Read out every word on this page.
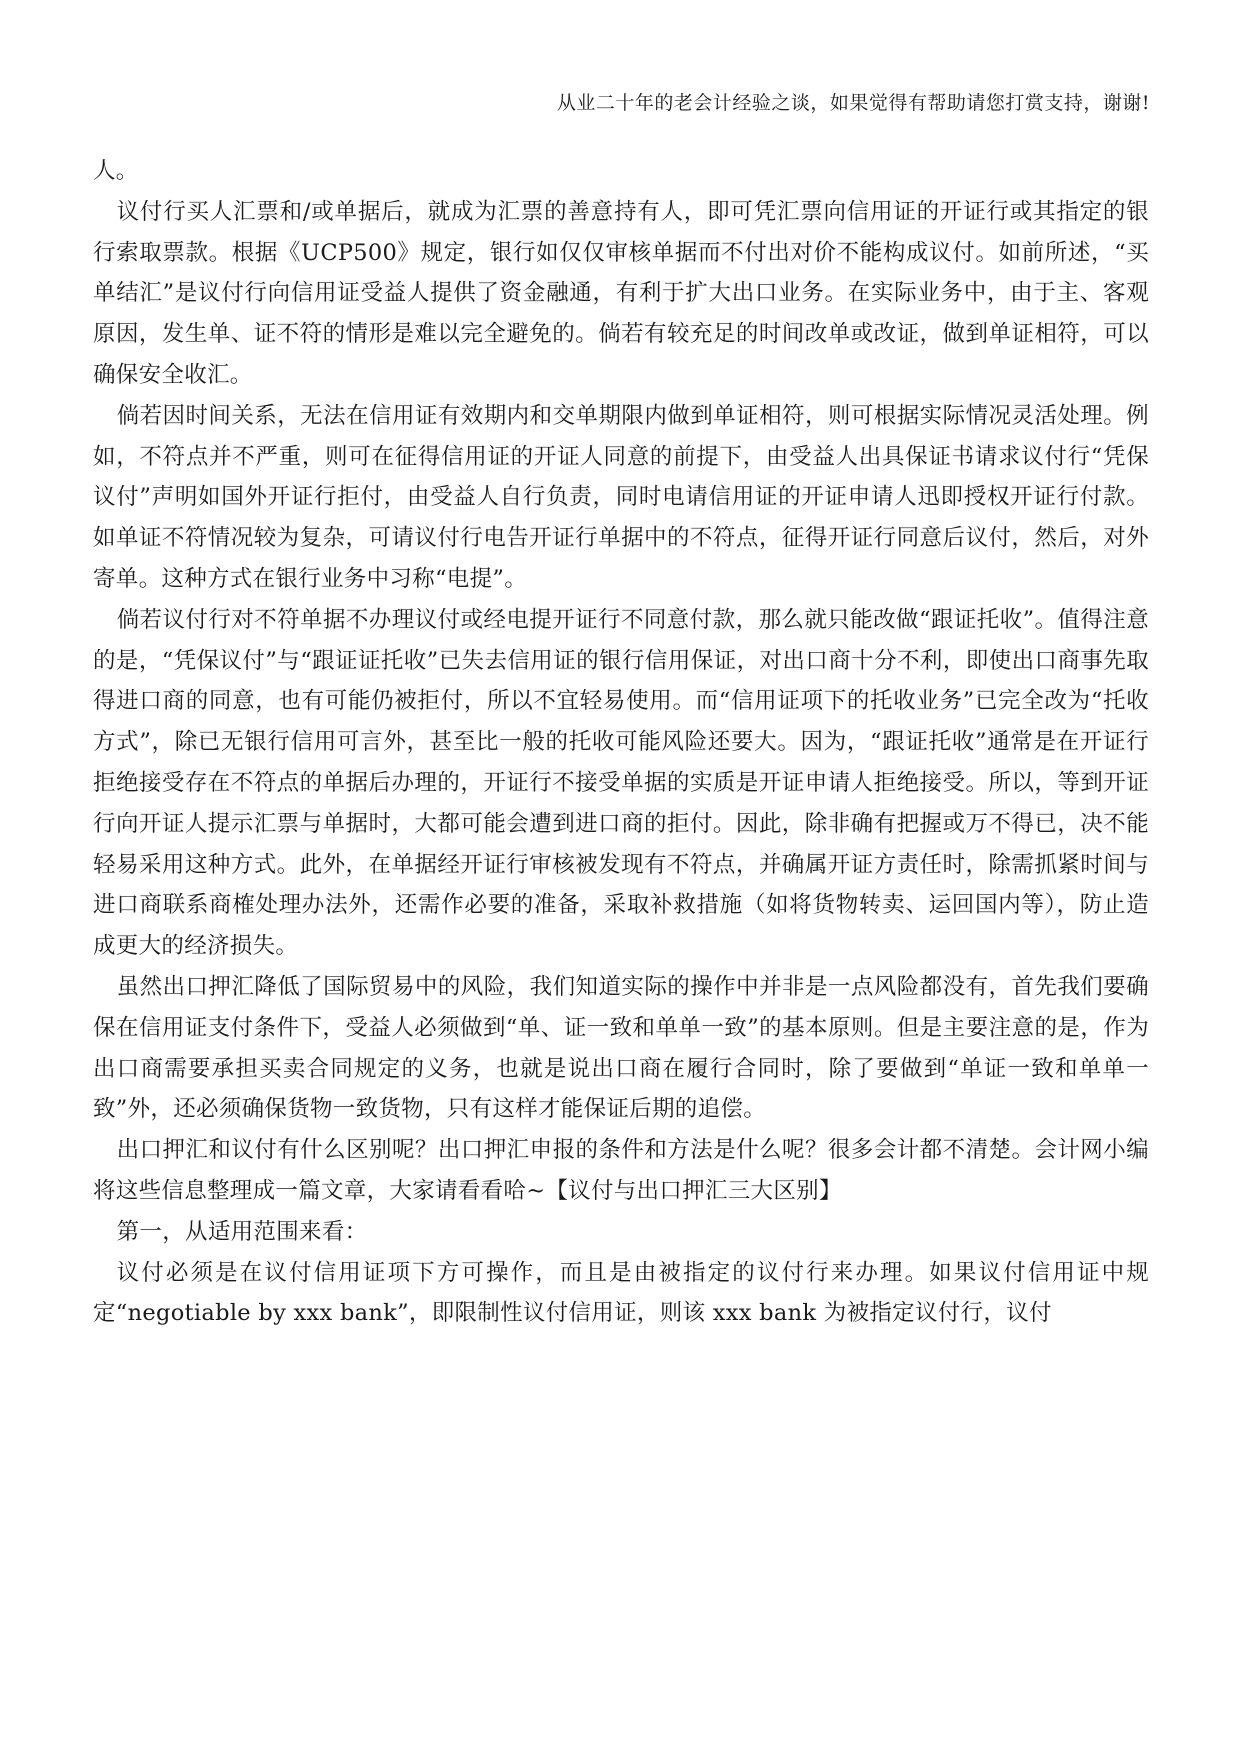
从业二十年的老会计经验之谈，如果觉得有帮助请您打赏支持，谢谢!

人。

议付行买人汇票和/或单据后，就成为汇票的善意持有人，即可凭汇票向信用证的开证行或其指定的银行索取票款。根据《UCP500》规定，银行如仅仅审核单据而不付出对价不能构成议付。如前所述，“买单结汇”是议付行向信用证受益人提供了资金融通，有利于扩大出口业务。在实际业务中，由于主、客观原因，发生单、证不符的情形是难以完全避免的。倘若有较充足的时间改单或改证，做到单证相符，可以确保安全收汇。

倘若因时间关系，无法在信用证有效期内和交单期限内做到单证相符，则可根据实际情况灵活处理。例如，不符点并不严重，则可在征得信用证的开证人同意的前提下，由受益人出具保证书请求议付行“凭保议付”声明如国外开证行拒付，由受益人自行负责，同时电请信用证的开证申请人迅即授权开证行付款。如单证不符情况较为复杂，可请议付行电告开证行单据中的不符点，征得开证行同意后议付，然后，对外寄单。这种方式在银行业务中习称“电提”。

倘若议付行对不符单据不办理议付或经电提开证行不同意付款，那么就只能改做“跟证托收”。值得注意的是，“凭保议付”与“跟证证托收”已失去信用证的银行信用保证，对出口商十分不利，即使出口商事先取得进口商的同意，也有可能仍被拒付，所以不宜轻易使用。而“信用证项下的托收业务”已完全改为“托收方式”，除已无银行信用可言外，甚至比一般的托收可能风险还要大。因为，“跟证托收”通常是在开证行拒绝接受存在不符点的单据后办理的，开证行不接受单据的实质是开证申请人拒绝接受。所以，等到开证行向开证人提示汇票与单据时，大都可能会遭到进口商的拒付。因此，除非确有把握或万不得已，决不能轻易采用这种方式。此外，在单据经开证行审核被发现有不符点，并确属开证方责任时，除需抓紧时间与进口商联系商榷处理办法外，还需作必要的准备，采取补救措施（如将货物转卖、运回国内等），防止造成更大的经济损失。

虽然出口押汇降低了国际贸易中的风险，我们知道实际的操作中并非是一点风险都没有，首先我们要确保在信用证支付条件下，受益人必须做到“单、证一致和单单一致”的基本原则。但是主要注意的是，作为出口商需要承担买卖合同规定的义务，也就是说出口商在履行合同时，除了要做到“单证一致和单单一致”外，还必须确保货物一致货物，只有这样才能保证后期的追偿。

出口押汇和议付有什么区别呢？出口押汇申报的条件和方法是什么呢？很多会计都不清楚。会计网小编将这些信息整理成一篇文章，大家请看看哈~【议付与出口押汇三大区别】

第一，从适用范围来看：

议付必须是在议付信用证项下方可操作，而且是由被指定的议付行来办理。如果议付信用证中规定“negotiable by xxx bank”，即限制性议付信用证，则该 xxx bank 为被指定议付行，议付
